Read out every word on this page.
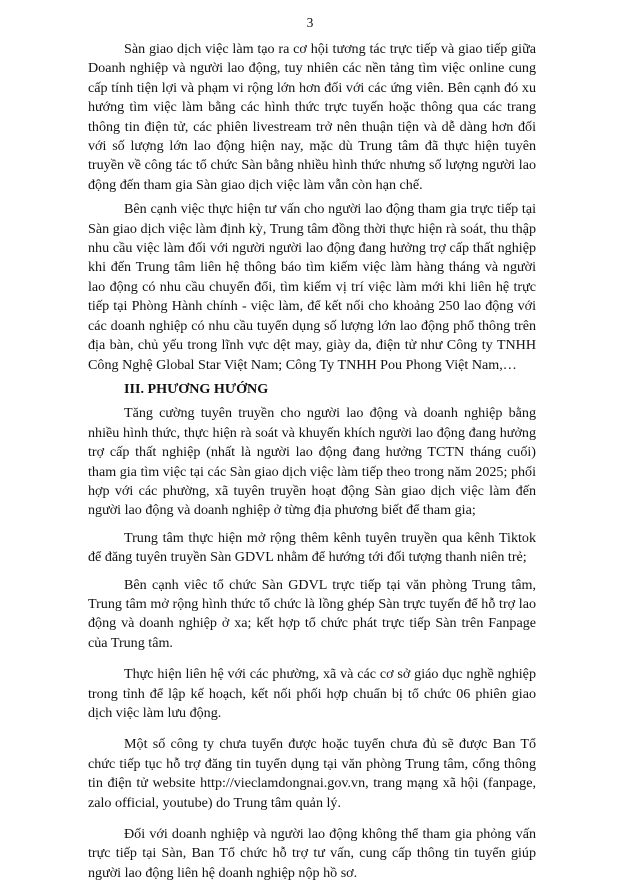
3

Sàn giao dịch việc làm tạo ra cơ hội tương tác trực tiếp và giao tiếp giữa Doanh nghiệp và người lao động, tuy nhiên các nền tảng tìm việc online cung cấp tính tiện lợi và phạm vi rộng lớn hơn đối với các ứng viên. Bên cạnh đó xu hướng tìm việc làm bằng các hình thức trực tuyến hoặc thông qua các trang thông tin điện tử, các phiên livestream trở nên thuận tiện và dễ dàng hơn đối với số lượng lớn lao động hiện nay, mặc dù Trung tâm đã thực hiện tuyên truyền về công tác tổ chức Sàn bằng nhiều hình thức nhưng số lượng người lao động đến tham gia Sàn giao dịch việc làm vẫn còn hạn chế.

Bên cạnh việc thực hiện tư vấn cho người lao động tham gia trực tiếp tại Sàn giao dịch việc làm định kỳ, Trung tâm đồng thời thực hiện rà soát, thu thập nhu cầu việc làm đối với người người lao động đang hưởng trợ cấp thất nghiệp khi đến Trung tâm liên hệ thông báo tìm kiếm việc làm hàng tháng và người lao động có nhu cầu chuyển đổi, tìm kiếm vị trí việc làm mới khi liên hệ trực tiếp tại Phòng Hành chính - việc làm, để kết nối cho khoảng 250 lao động với các doanh nghiệp có nhu cầu tuyển dụng số lượng lớn lao động phổ thông trên địa bàn, chủ yếu trong lĩnh vực dệt may, giày da, điện tử như Công ty TNHH Công Nghệ Global Star Việt Nam; Công Ty TNHH Pou Phong Việt Nam,…

III. PHƯƠNG HƯỚNG

Tăng cường tuyên truyền cho người lao động và doanh nghiệp bằng nhiều hình thức, thực hiện rà soát và khuyến khích người lao động đang hưởng trợ cấp thất nghiệp (nhất là người lao động đang hưởng TCTN tháng cuối) tham gia tìm việc tại các Sàn giao dịch việc làm tiếp theo trong năm 2025; phối hợp với các phường, xã tuyên truyền hoạt động Sàn giao dịch việc làm đến người lao động và doanh nghiệp ở từng địa phương biết để tham gia;

Trung tâm thực hiện mở rộng thêm kênh tuyên truyền qua kênh Tiktok để đăng tuyên truyền Sàn GDVL nhằm để hướng tới đối tượng thanh niên trẻ;

Bên cạnh viêc tổ chức Sàn GDVL trực tiếp tại văn phòng Trung tâm, Trung tâm mở rộng hình thức tổ chức là lồng ghép Sàn trực tuyến để hỗ trợ lao động và doanh nghiệp ở xa; kết hợp tổ chức phát trực tiếp Sàn trên Fanpage của Trung tâm.

Thực hiện liên hệ với các phường, xã và các cơ sở giáo dục nghề nghiệp trong tỉnh để lập kế hoạch, kết nối phối hợp chuẩn bị tổ chức 06 phiên giao dịch việc làm lưu động.

Một số công ty chưa tuyển được hoặc tuyển chưa đủ sẽ được Ban Tổ chức tiếp tục hỗ trợ đăng tin tuyển dụng tại văn phòng Trung tâm, cổng thông tin điện tử website http://vieclamdongnai.gov.vn, trang mạng xã hội (fanpage, zalo official, youtube) do Trung tâm quản lý.

Đối với doanh nghiệp và người lao động không thể tham gia phỏng vấn trực tiếp tại Sàn, Ban Tổ chức hỗ trợ tư vấn, cung cấp thông tin tuyển giúp người lao động liên hệ doanh nghiệp nộp hồ sơ.
